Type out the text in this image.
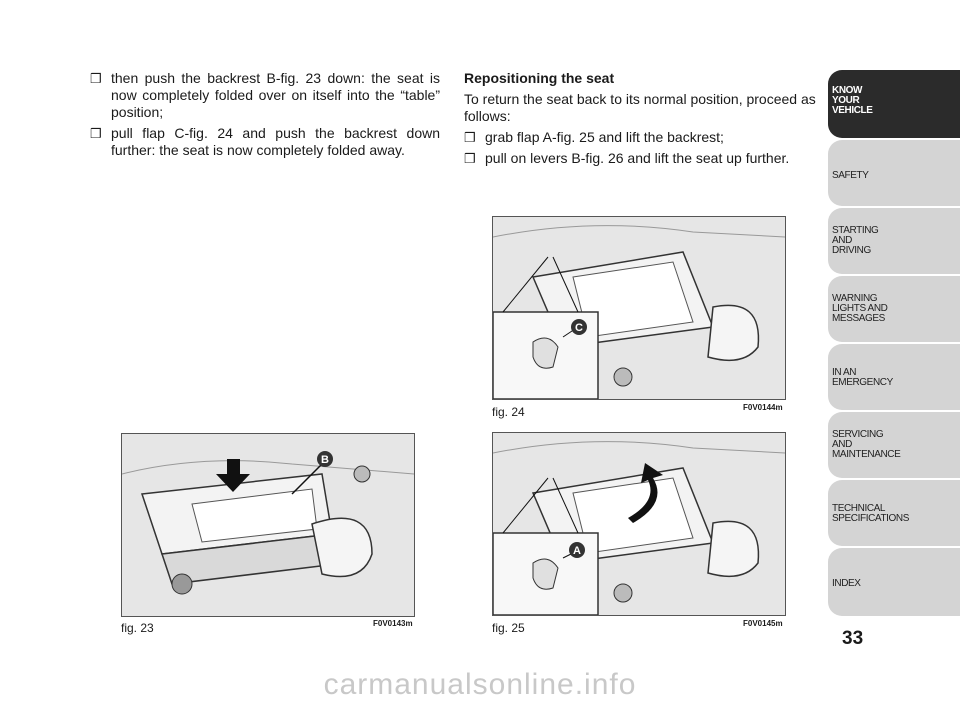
❒ then push the backrest B-fig. 23 down: the seat is now completely folded over on itself into the “table” position;
❒ pull flap C-fig. 24 and push the backrest down further: the seat is now completely folded away.
Repositioning the seat
To return the seat back to its normal position, proceed as follows:
❒ grab flap A-fig. 25 and lift the backrest;
❒ pull on levers B-fig. 26 and lift the seat up further.
B
fig. 23	F0V0143m
C
fig. 24	F0V0144m
A
fig. 25	F0V0145m
KNOW
YOUR
VEHICLE
SAFETY
STARTING
AND
DRIVING
WARNING
LIGHTS AND
MESSAGES
IN AN
EMERGENCY
SERVICING
AND
MAINTENANCE
TECHNICAL
SPECIFICATIONS
INDEX
33
carmanualsonline.info
